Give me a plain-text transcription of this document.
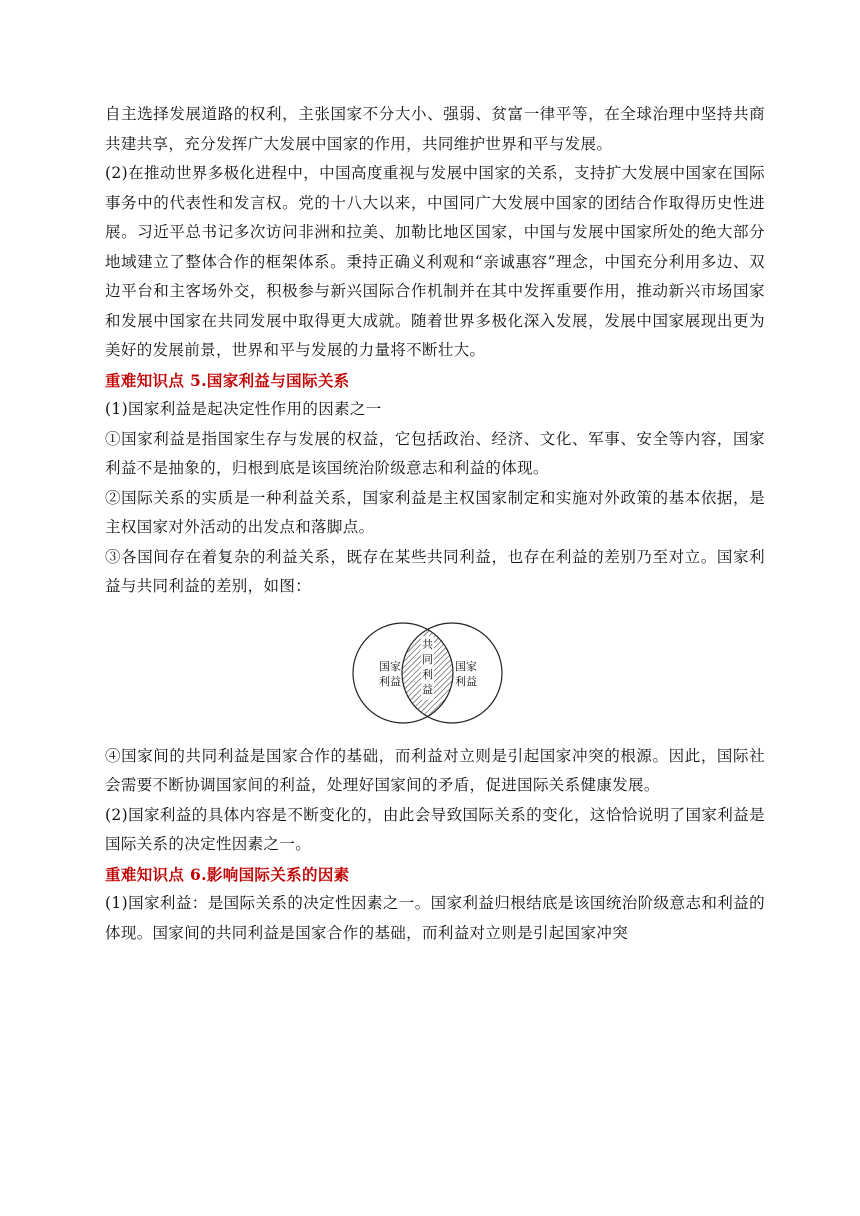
自主选择发展道路的权利，主张国家不分大小、强弱、贫富一律平等，在全球治理中坚持共商共建共享，充分发挥广大发展中国家的作用，共同维护世界和平与发展。

(2)在推动世界多极化进程中，中国高度重视与发展中国家的关系，支持扩大发展中国家在国际事务中的代表性和发言权。党的十八大以来，中国同广大发展中国家的团结合作取得历史性进展。习近平总书记多次访问非洲和拉美、加勒比地区国家，中国与发展中国家所处的绝大部分地域建立了整体合作的框架体系。秉持正确义利观和“亲诚惠容”理念，中国充分利用多边、双边平台和主客场外交，积极参与新兴国际合作机制并在其中发挥重要作用，推动新兴市场国家和发展中国家在共同发展中取得更大成就。随着世界多极化深入发展，发展中国家展现出更为美好的发展前景，世界和平与发展的力量将不断壮大。

重难知识点 5.国家利益与国际关系

(1)国家利益是起决定性作用的因素之一

①国家利益是指国家生存与发展的权益，它包括政治、经济、文化、军事、安全等内容，国家利益不是抽象的，归根到底是该国统治阶级意志和利益的体现。

②国际关系的实质是一种利益关系，国家利益是主权国家制定和实施对外政策的基本依据，是主权国家对外活动的出发点和落脚点。

③各国间存在着复杂的利益关系，既存在某些共同利益，也存在利益的差别乃至对立。国家利益与共同利益的差别，如图：

国家
利益
国家
利益
共
同
利
益

④国家间的共同利益是国家合作的基础，而利益对立则是引起国家冲突的根源。因此，国际社会需要不断协调国家间的利益，处理好国家间的矛盾，促进国际关系健康发展。

(2)国家利益的具体内容是不断变化的，由此会导致国际关系的变化，这恰恰说明了国家利益是国际关系的决定性因素之一。

重难知识点 6.影响国际关系的因素

(1)国家利益：是国际关系的决定性因素之一。国家利益归根结底是该国统治阶级意志和利益的体现。国家间的共同利益是国家合作的基础，而利益对立则是引起国家冲突
